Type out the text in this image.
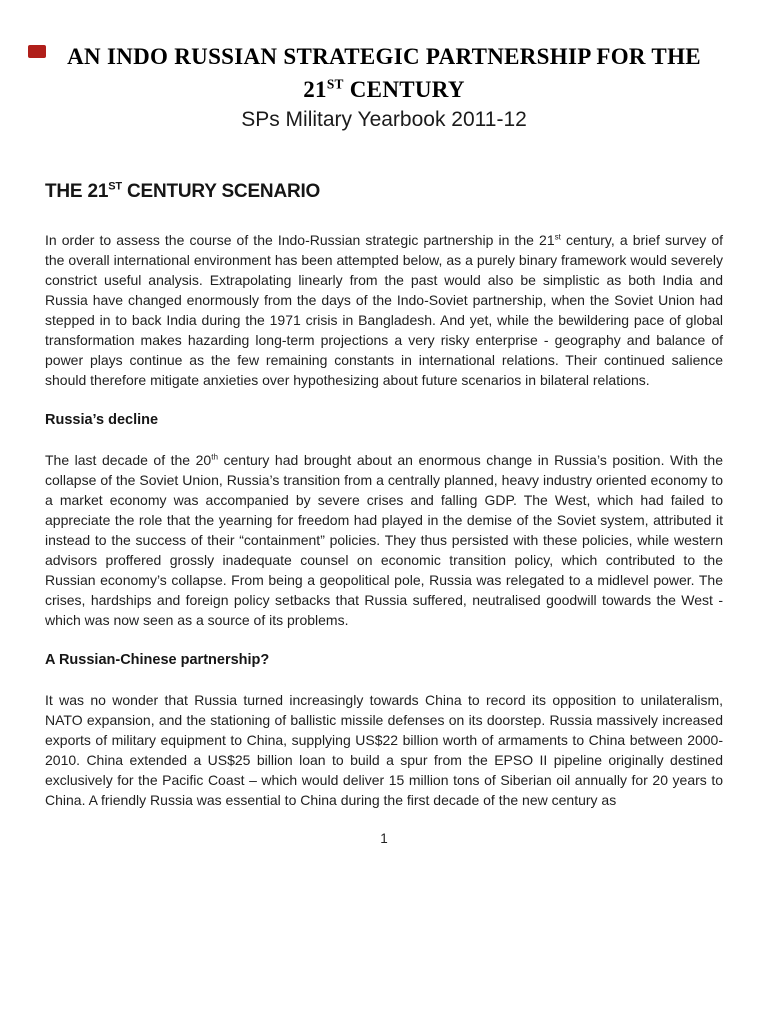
AN INDO RUSSIAN STRATEGIC PARTNERSHIP FOR THE
21ST CENTURY

SPs Military Yearbook 2011-12

THE 21ST CENTURY SCENARIO

In order to assess the course of the Indo-Russian strategic partnership in the 21st century, a brief survey of the overall international environment has been attempted below, as a purely binary framework would severely constrict useful analysis. Extrapolating linearly from the past would also be simplistic as both India and Russia have changed enormously from the days of the Indo-Soviet partnership, when the Soviet Union had stepped in to back India during the 1971 crisis in Bangladesh. And yet, while the bewildering pace of global transformation makes hazarding long-term projections a very risky enterprise - geography and balance of power plays continue as the few remaining constants in international relations. Their continued salience should therefore mitigate anxieties over hypothesizing about future scenarios in bilateral relations.

Russia’s decline

The last decade of the 20th century had brought about an enormous change in Russia’s position. With the collapse of the Soviet Union, Russia’s transition from a centrally planned, heavy industry oriented economy to a market economy was accompanied by severe crises and falling GDP. The West, which had failed to appreciate the role that the yearning for freedom had played in the demise of the Soviet system, attributed it instead to the success of their “containment” policies. They thus persisted with these policies, while western advisors proffered grossly inadequate counsel on economic transition policy, which contributed to the Russian economy’s collapse. From being a geopolitical pole, Russia was relegated to a midlevel power. The crises, hardships and foreign policy setbacks that Russia suffered, neutralised goodwill towards the West - which was now seen as a source of its problems.

A Russian-Chinese partnership?

It was no wonder that Russia turned increasingly towards China to record its opposition to unilateralism, NATO expansion, and the stationing of ballistic missile defenses on its doorstep. Russia massively increased exports of military equipment to China, supplying US$22 billion worth of armaments to China between 2000-2010. China extended a US$25 billion loan to build a spur from the EPSO II pipeline originally destined exclusively for the Pacific Coast – which would deliver 15 million tons of Siberian oil annually for 20 years to China. A friendly Russia was essential to China during the first decade of the new century as

1
